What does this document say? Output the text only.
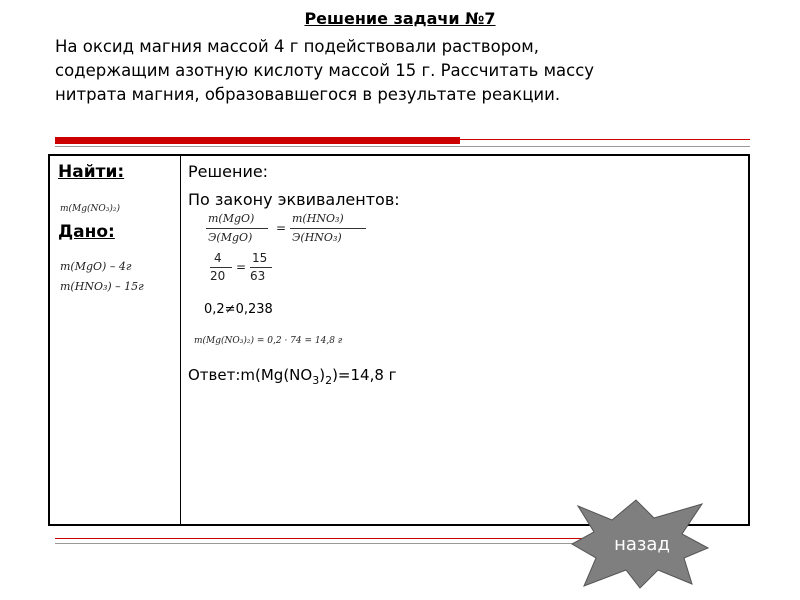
Решение задачи №7
На оксид магния массой 4 г подействовали раствором,
содержащим азотную кислоту массой 15 г. Рассчитать массу
нитрата магния, образовавшегося в результате реакции.
Найти:
m(Mg(NO₃)₂)
Дано:
m(MgO) – 4г
m(HNO₃) – 15г
Решение:
По закону эквивалентов:
m(MgO)
Э(MgO)
=
m(HNO₃)
Э(HNO₃)
4
20
=
15
63
0,2≠0,238
m(Mg(NO₃)₂) = 0,2 · 74 = 14,8 г
$Ответ:m(Mg(NO_3)_2)=14,8$ г
назад
